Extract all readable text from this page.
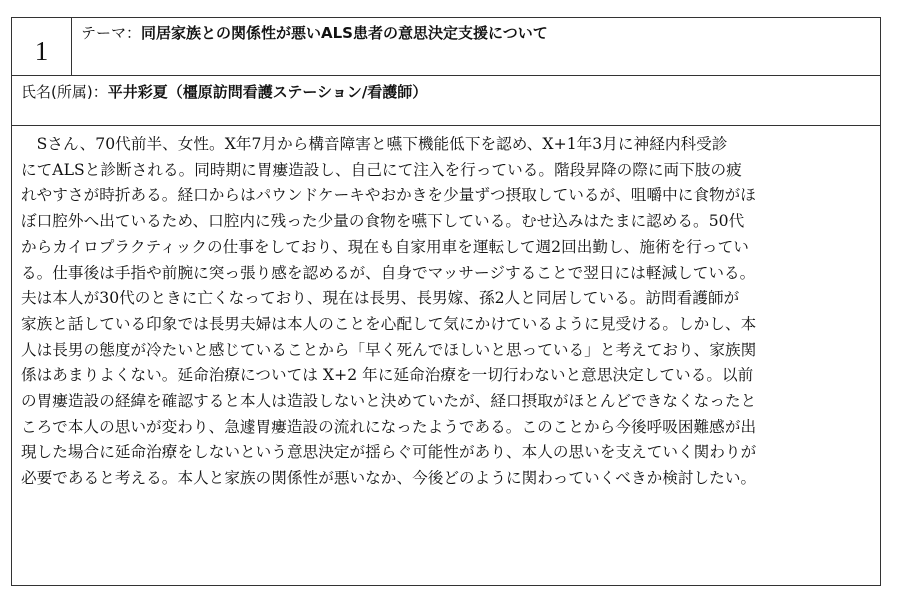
1
テーマ：同居家族との関係性が悪いALS患者の意思決定支援について
氏名(所属)：平井彩夏（橿原訪問看護ステーション/看護師）
　Sさん、70代前半、女性。X年7月から構音障害と嚥下機能低下を認め、X+1年3月に神経内科受診
にてALSと診断される。同時期に胃瘻造設し、自己にて注入を行っている。階段昇降の際に両下肢の疲
れやすさが時折ある。経口からはパウンドケーキやおかきを少量ずつ摂取しているが、咀嚼中に食物がほ
ぼ口腔外へ出ているため、口腔内に残った少量の食物を嚥下している。むせ込みはたまに認める。50代
からカイロプラクティックの仕事をしており、現在も自家用車を運転して週2回出勤し、施術を行ってい
る。仕事後は手指や前腕に突っ張り感を認めるが、自身でマッサージすることで翌日には軽減している。
夫は本人が30代のときに亡くなっており、現在は長男、長男嫁、孫2人と同居している。訪問看護師が
家族と話している印象では長男夫婦は本人のことを心配して気にかけているように見受ける。しかし、本
人は長男の態度が冷たいと感じていることから「早く死んでほしいと思っている」と考えており、家族関
係はあまりよくない。延命治療については X+2 年に延命治療を一切行わないと意思決定している。以前
の胃瘻造設の経緯を確認すると本人は造設しないと決めていたが、経口摂取がほとんどできなくなったと
ころで本人の思いが変わり、急遽胃瘻造設の流れになったようである。このことから今後呼吸困難感が出
現した場合に延命治療をしないという意思決定が揺らぐ可能性があり、本人の思いを支えていく関わりが
必要であると考える。本人と家族の関係性が悪いなか、今後どのように関わっていくべきか検討したい。
